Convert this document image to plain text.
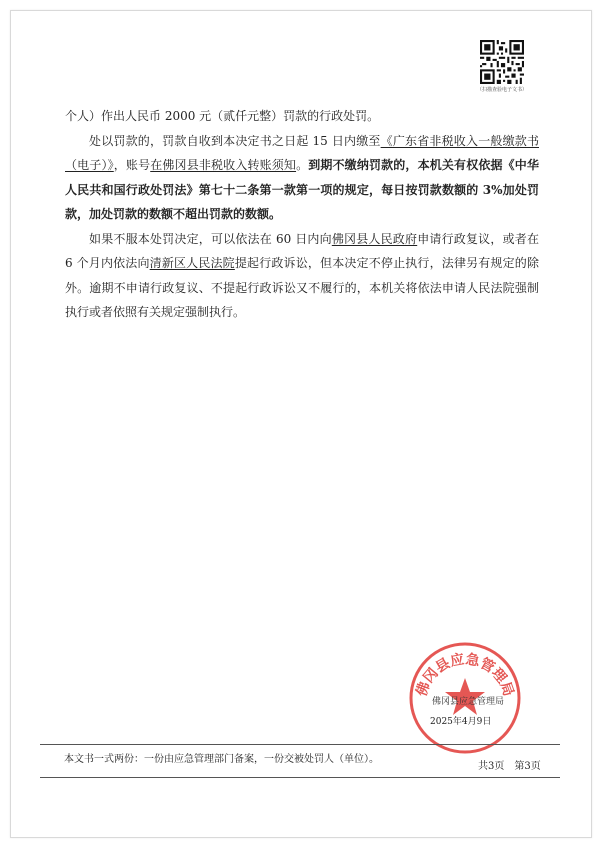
（扫描查验电子文书）

个人）作出人民币 2000 元（贰仟元整）罚款的行政处罚。

处以罚款的，罚款自收到本决定书之日起 15 日内缴至《广东省非税收入一般缴款书（电子）》，账号在佛冈县非税收入转账须知。到期不缴纳罚款的，本机关有权依据《中华人民共和国行政处罚法》第七十二条第一款第一项的规定，每日按罚款数额的 3%加处罚款，加处罚款的数额不超出罚款的数额。

如果不服本处罚决定，可以依法在 60 日内向佛冈县人民政府申请行政复议，或者在 6 个月内依法向清新区人民法院提起行政诉讼，但本决定不停止执行，法律另有规定的除外。逾期不申请行政复议、不提起行政诉讼又不履行的，本机关将依法申请人民法院强制执行或者依照有关规定强制执行。

佛冈县应急管理局
佛冈县应急管理局
2025年4月9日
本文书一式两份：一份由应急管理部门备案，一份交被处罚人（单位）。
共3页　第3页
